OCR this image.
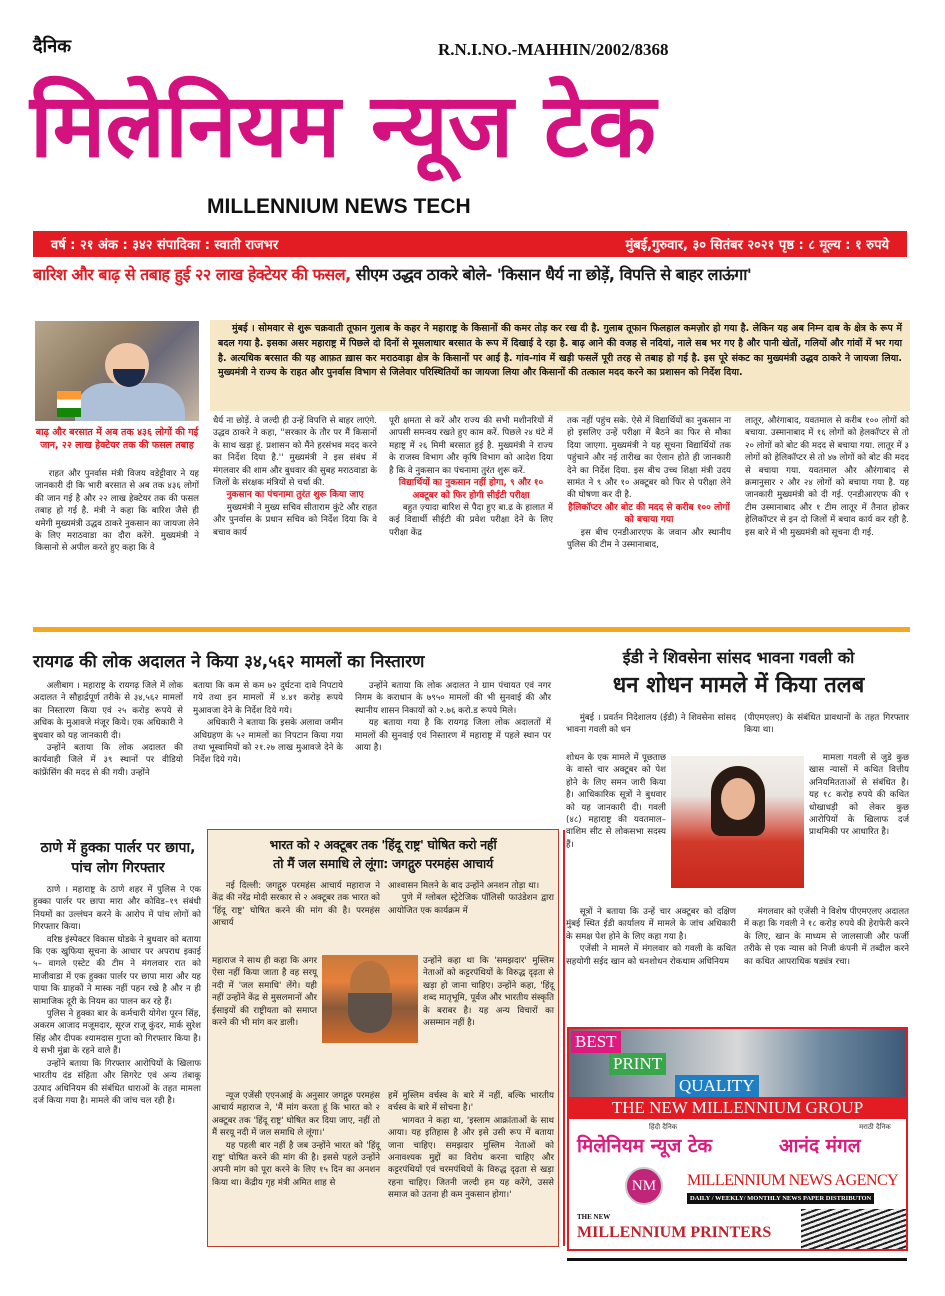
दैनिक	R.N.I.NO.-MAHHIN/2002/8368
मिलेनियम न्यूज टेक
MILLENNIUM NEWS TECH
वर्ष : २१ अंक : ३४२ संपादिका : स्वाती राजभर	मुंबई,गुरुवार, ३० सितंबर २०२१ पृष्ठ : ८ मूल्य : १ रुपये
बारिश और बाढ़ से तबाह हुई २२ लाख हेक्टेयर की फसल, सीएम उद्धव ठाकरे बोले- 'किसान धैर्य ना छोड़ें, विपत्ति से बाहर लाऊंगा'
बाढ़ और बरसात में अब तक ४३६ लोगों की गई जान, २२ लाख हेक्टेयर तक की फसल तबाह
मुंबई । सोमवार से शुरू चक्रवाती तूफान गुलाब के कहर ने महाराष्ट्र के किसानों की कमर तोड़ कर रख दी है. गुलाब तूफान फिलहाल कमज़ोर हो गया है. लेकिन यह अब निम्न दाब के क्षेत्र के रूप में बदल गया है. इसका असर महाराष्ट्र में पिछले दो दिनों से मूसलाधार बरसात के रूप में दिखाई दे रहा है. बाढ़ आने की वजह से नदियां, नाले सब भर गए है और पानी खेतों, गलियों और गांवों में भर गया है. अत्यधिक बरसात की यह आफ़त ख़ास कर मराठवाड़ा क्षेत्र के किसानों पर आई है. गांव-गांव में खड़ी फसलें पूरी तरह से तबाह हो गई है. इस पूरे संकट का मुख्यमंत्री उद्धव ठाकरे ने जायजा लिया. मुख्यमंत्री ने राज्य के राहत और पुनर्वास विभाग से जिलेवार परिस्थितियों का जायजा लिया और किसानों की तत्काल मदद करने का प्रशासन को निर्देश दिया.

राहत और पुनर्वास मंत्री विजय वडेट्टीवार ने यह जानकारी दी कि भारी बरसात से अब तक ४३६ लोगों की जान गई है और २२ लाख हेक्टेयर तक की फसल तबाह हो गई है. मंत्री ने कहा कि बारिश जैसे ही थमेगी मुख्यमंत्री उद्धव ठाकरे नुकसान का जायजा लेने के लिए मराठवाडा का दौरा करेंगे. मुख्यमंत्री ने किसानो से अपील करते हुए कहा कि वे

धैर्य ना छोड़ें. वे जल्दी ही उन्हें विपत्ति से बाहर लाएंगे. उद्धव ठाकरे ने कहा, ''सरकार के तौर पर मैं किसानों के साथ खड़ा हूं. प्रशासन को मैंने हरसंभव मदद करने का निर्देश दिया है.'' मुख्यमंत्री ने इस संबंध में मंगलवार की शाम और बुधवार की सुबह मराठवाडा के जिलों के संरक्षक मंत्रियों से चर्चा की.

नुकसान का पंचनामा तुरंत शुरू किया जाए

मुख्यमंत्री ने मुख्य सचिव सीताराम कुंटे और राहत और पुनर्वास के प्रधान सचिव को निर्देश दिया कि वे बचाव कार्य

पूरी क्षमता से करें और राज्य की सभी मशीनरियों में आपसी समन्वय रखते हुए काम करें. पिछले २४ घंटे में महाष्ट्र में २६ मिमी बरसात हुई है. मुख्यमंत्री ने राज्य के राजस्व विभाग और कृषि विभाग को आदेश दिया है कि वे नुकसान का पंचनामा तुरंत शुरू करें.

विद्यार्थियों का नुकसान नहीं होगा, ९ और १० अक्टूबर को फिर होगी सीईटी परीक्षा

बहुत ज़्यादा बारिश से पैदा हुए बा.ढ के हालात में कई विद्यार्थी सीईटी की प्रवेश परीक्षा देने के लिए परीक्षा केंद्र

तक नहीं पहुंच सके. ऐसे में विद्यार्थियों का नुकसान ना हो इसलिए उन्हें परीक्षा में बैठने का फिर से मौका दिया जाएगा. मुख्यमंत्री ने यह सूचना विद्यार्थियों तक पहुंचाने और नई तारीख का ऐलान होते ही जानकारी देने का निर्देश दिया. इस बीच उच्च शिक्षा मंत्री उदय सामंत ने ९ और १० अक्टूबर को फिर से परीक्षा लेने की घोषणा कर दी है.

हैलिकॉप्टर और बोट की मदद से करीब १०० लोगों को बचाया गया

इस बीच एनडीआरएफ के जवान और स्थानीय पुलिस की टीम ने उस्मानाबाद,

लातूर, औरंगाबाद, यवतमाल से करीब १०० लोगों को बचाया. उस्मानाबाद में १६ लोगों को हेलकॉप्टर से तो २० लोगों को बोट की मदद से बचाया गया. लातूर में ३ लोगों को हेलिकॉप्टर से तो ४७ लोगों को बोट की मदद से बचाया गया. यवतमाल और औरंगाबाद से क्रमानुसार २ और २४ लोगों को बचाया गया है. यह जानकारी मुख्यमंत्री को दी गई. एनडीआरएफ की १ टीम उस्मानाबाद और १ टीम लातूर में तैनात होकर हेलिकॉप्टर से इन दो जिलों में बचाव कार्य कर रही है. इस बारे में भी मुख्यमंत्री को सूचना दी गई.

रायगढ की लोक अदालत ने किया ३४,५६२ मामलों का निस्तारण

अलीबाग । महाराष्ट्र के रायगढ़ जिले में लोक अदालत ने सौहार्द्रपूर्ण तरीके से ३४,५६२ मामलों का निस्तारण किया एवं २५ करोड़ रूपये से अधिक के मुआवजे मंजूर किये। एक अधिकारी ने बुधवार को यह जानकारी दी।

उन्होंने बताया कि लोक अदालत की कार्यवाही जिले में ३९ स्थानों पर वीडियो कांफ्रेंसिंग की मदद से की गयी। उन्होंने

बताया कि कम से कम ७२ दुर्घटना दावे निपटाये गये तथा इन मामलों में ४.४१ करोड़ रूपये मुआवजा देने के निर्देश दिये गये।

अधिकारी ने बताया कि इसके अलावा जमीन अधिग्रहण के ५२ मामलों का निपटान किया गया तथा भूस्वामियों को २१.२७ लाख मुआवजे देने के निर्देश दिये गये।

उन्होंने बताया कि लोक अदालत ने ग्राम पंचायत एवं नगर निगम के कराधान के ७९५० मामलों की भी सुनवाई की और स्थानीय शासन निकायों को २.७६ करो.ड रूपये मिले।

यह बताया गया है कि रायगढ़ जिला लोक अदालतों में मामलों की सुनवाई एवं निस्तारण में महाराष्ट्र में पहले स्थान पर आया है।

ईडी ने शिवसेना सांसद भावना गवली को
धन शोधन मामले में किया तलब

मुंबई । प्रवर्तन निदेशालय (ईडी) ने शिवसेना सांसद भावना गवली को धन

(पीएमएलए) के संबंधित प्रावधानों के तहत गिरफ्तार किया था।

शोधन के एक मामले में पूछताछ के वास्ते चार अक्टूबर को पेश होने के लिए समन जारी किया है। आधिकारिक सूत्रों ने बुधवार को यह जानकारी दी। गवली (४८) महाराष्ट्र की यवतमाल–वाशिम सीट से लोकसभा सदस्य हैं।

मामला गवली से जुडे कुछ खास न्यासों में कथित वित्तीय अनियमितताओं से संबंधित है। यह १८ करोड़ रुपये की कथित धोखाधड़ी को लेकर कुछ आरोपियों के खिलाफ दर्ज प्राथमिकी पर आधारित है।

सूत्रों ने बताया कि उन्हें चार अक्टूबर को दक्षिण मुंबई स्थित ईडी कार्यालय में मामले के जांच अधिकारी के समक्ष पेश होने के लिए कहा गया है।

एजेंसी ने मामले में मंगलवार को गवली के कथित सहयोगी सईद खान को धनशोधन रोकथाम अधिनियम

मंगलवार को एजेंसी ने विशेष पीएमएलए अदालत में कहा कि गवली ने १८ करोड़ रुपये की हेराफेरी करने के लिए, खान के माध्यम से जालसाजी और फर्जी तरीके से एक न्यास को निजी कंपनी में तब्दील करने का कथित आपराधिक षड्यंत्र रचा।

ठाणे में हुक्का पार्लर पर छापा, पांच लोग गिरफ्तार

ठाणे । महाराष्ट्र के ठाणे शहर में पुलिस ने एक हुक्का पार्लर पर छापा मारा और कोविड–१९ संबंधी नियमों का उल्लंघन करने के आरोप में पांच लोगों को गिरफ्तार किया।

वरिष्ठ इंस्पेक्टर विकास घोडके ने बुधवार को बताया कि एक खुफिया सूचना के आधार पर अपराध इकाई ५– वागले एस्टेट की टीम ने मंगलवार रात को माजीवाडा में एक हुक्का पार्लर पर छापा मारा और यह पाया कि ग्राहकों ने मास्क नहीं पहन रखे है और न ही सामाजिक दूरी के नियम का पालन कर रहे हैं।

पुलिस ने हुक्का बार के कर्मचारी योगेश पूरन सिंह, अकरम आजाद मजूमदार, सूरज राजू कुंदर, मार्क सुरेश सिंह और दीपक श्यामदास गुप्ता को गिरफ्तार किया है। ये सभी मुंब्रा के रहने वाले हैं।

उन्होंने बताया कि गिरफ्तार आरोपियों के खिलाफ भारतीय दंड संहिता और सिगरेट एवं अन्य तंबाकू उत्पाद अधिनियम की संबंधित धाराओं के तहत मामला दर्ज किया गया है। मामले की जांच चल रही है।

भारत को २ अक्टूबर तक 'हिंदू राष्ट्र' घोषित करो नहीं
तो मैं जल समाधि ले लूंगा: जगद्गुरु परमहंस आचार्य

नई दिल्ली: जगद्गुरु परमहंस आचार्य महाराज ने केंद्र की नरेंद्र मोदी सरकार से २ अक्टूबर तक भारत को 'हिंदू राष्ट्र' घोषित करने की मांग की है। परमहंस आचार्य

महाराज ने साथ ही कहा कि अगर ऐसा नहीं किया जाता है वह सरयू नदी में 'जल समाधि' लेंगे। यही नहीं उन्होंने केंद्र से मुसलमानों और ईसाइयों की राष्ट्रीयता को समाप्त करने की भी मांग कर डाली।

न्यूज एजेंसी एएनआई के अनुसार जगद्गुरु परमहंस आचार्य महाराज ने, 'मैं मांग करता हूं कि भारत को २ अक्टूबर तक 'हिंदू राष्ट्र' घोषित कर दिया जाए, नहीं तो मैं सरयू नदी में जल समाधि ले लूंगा।'

यह पहली बार नहीं है जब उन्होंने भारत को 'हिंदू राष्ट्र' घोषित करने की मांग की है। इससे पहले उन्होंने अपनी मांग को पूरा करने के लिए १५ दिन का अनशन किया था। केंद्रीय गृह मंत्री अमित शाह से

आश्वासन मिलने के बाद उन्होंने अनशन तोड़ा था।

पुणे में ग्लोबल स्ट्रेटेजिक पॉलिसी फाउंडेशन द्वारा आयोजित एक कार्यक्रम में

उन्होंने कहा था कि 'समझदार' मुस्लिम नेताओं को कट्टरपंथियों के विरुद्ध दृढ़ता से खड़ा हो जाना चाहिए। उन्होंने कहा, 'हिंदू शब्द मातृभूमि, पूर्वज और भारतीय संस्कृति के बराबर है। यह अन्य विचारों का असम्मान नहीं है।

हमें मुस्लिम वर्चस्व के बारे में नहीं, बल्कि भारतीय वर्चस्व के बारे में सोचना है।'

भागवत ने कहा था, 'इस्लाम आक्रांताओं के साथ आया। यह इतिहास है और इसे उसी रूप में बताया जाना चाहिए। समझदार मुस्लिम नेताओं को अनावश्यक मुद्दों का विरोध करना चाहिए और कट्टरपंथियों एवं चरमपंथियों के विरुद्ध दृढ़ता से खड़ा रहना चाहिए। जितनी जल्दी हम यह करेंगे, उससे समाज को उतना ही कम नुकसान होगा।'

BEST
PRINT
QUALITY
THE NEW MILLENNIUM GROUP
हिंदी दैनिक
मिलेनियम न्यूज टेक
मराठी दैनिक
आनंद मंगल
NM	MILLENNIUM NEWS AGENCY
DAILY / WEEKLY/ MONTHLY NEWS PAPER DISTRIBUTON
THE NEW
MILLENNIUM PRINTERS
